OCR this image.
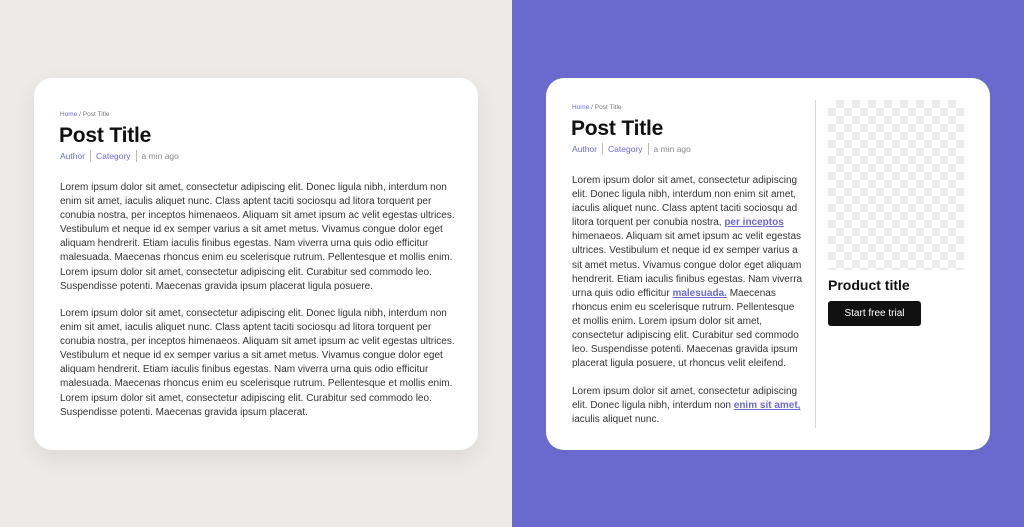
Home / Post Title
Post Title
Author Category a min ago

Lorem ipsum dolor sit amet, consectetur adipiscing elit. Donec ligula nibh, interdum non enim sit amet, iaculis aliquet nunc. Class aptent taciti sociosqu ad litora torquent per conubia nostra, per inceptos himenaeos. Aliquam sit amet ipsum ac velit egestas ultrices. Vestibulum et neque id ex semper varius a sit amet metus. Vivamus congue dolor eget aliquam hendrerit. Etiam iaculis finibus egestas. Nam viverra urna quis odio efficitur malesuada. Maecenas rhoncus enim eu scelerisque rutrum. Pellentesque et mollis enim. Lorem ipsum dolor sit amet, consectetur adipiscing elit. Curabitur sed commodo leo. Suspendisse potenti. Maecenas gravida ipsum placerat ligula posuere.

Lorem ipsum dolor sit amet, consectetur adipiscing elit. Donec ligula nibh, interdum non enim sit amet, iaculis aliquet nunc. Class aptent taciti sociosqu ad litora torquent per conubia nostra, per inceptos himenaeos. Aliquam sit amet ipsum ac velit egestas ultrices. Vestibulum et neque id ex semper varius a sit amet metus. Vivamus congue dolor eget aliquam hendrerit. Etiam iaculis finibus egestas. Nam viverra urna quis odio efficitur malesuada. Maecenas rhoncus enim eu scelerisque rutrum. Pellentesque et mollis enim. Lorem ipsum dolor sit amet, consectetur adipiscing elit. Curabitur sed commodo leo. Suspendisse potenti. Maecenas gravida ipsum placerat.

Home / Post Title
Post Title
Author Category a min ago

Lorem ipsum dolor sit amet, consectetur adipiscing elit. Donec ligula nibh, interdum non enim sit amet, iaculis aliquet nunc. Class aptent taciti sociosqu ad litora torquent per conubia nostra, per inceptos himenaeos. Aliquam sit amet ipsum ac velit egestas ultrices. Vestibulum et neque id ex semper varius a sit amet metus. Vivamus congue dolor eget aliquam hendrerit. Etiam iaculis finibus egestas. Nam viverra urna quis odio efficitur malesuada. Maecenas rhoncus enim eu scelerisque rutrum. Pellentesque et mollis enim. Lorem ipsum dolor sit amet, consectetur adipiscing elit. Curabitur sed commodo leo. Suspendisse potenti. Maecenas gravida ipsum placerat ligula posuere, ut rhoncus velit eleifend.

Lorem ipsum dolor sit amet, consectetur adipiscing elit. Donec ligula nibh, interdum non enim sit amet, iaculis aliquet nunc.

Product title
Start free trial
